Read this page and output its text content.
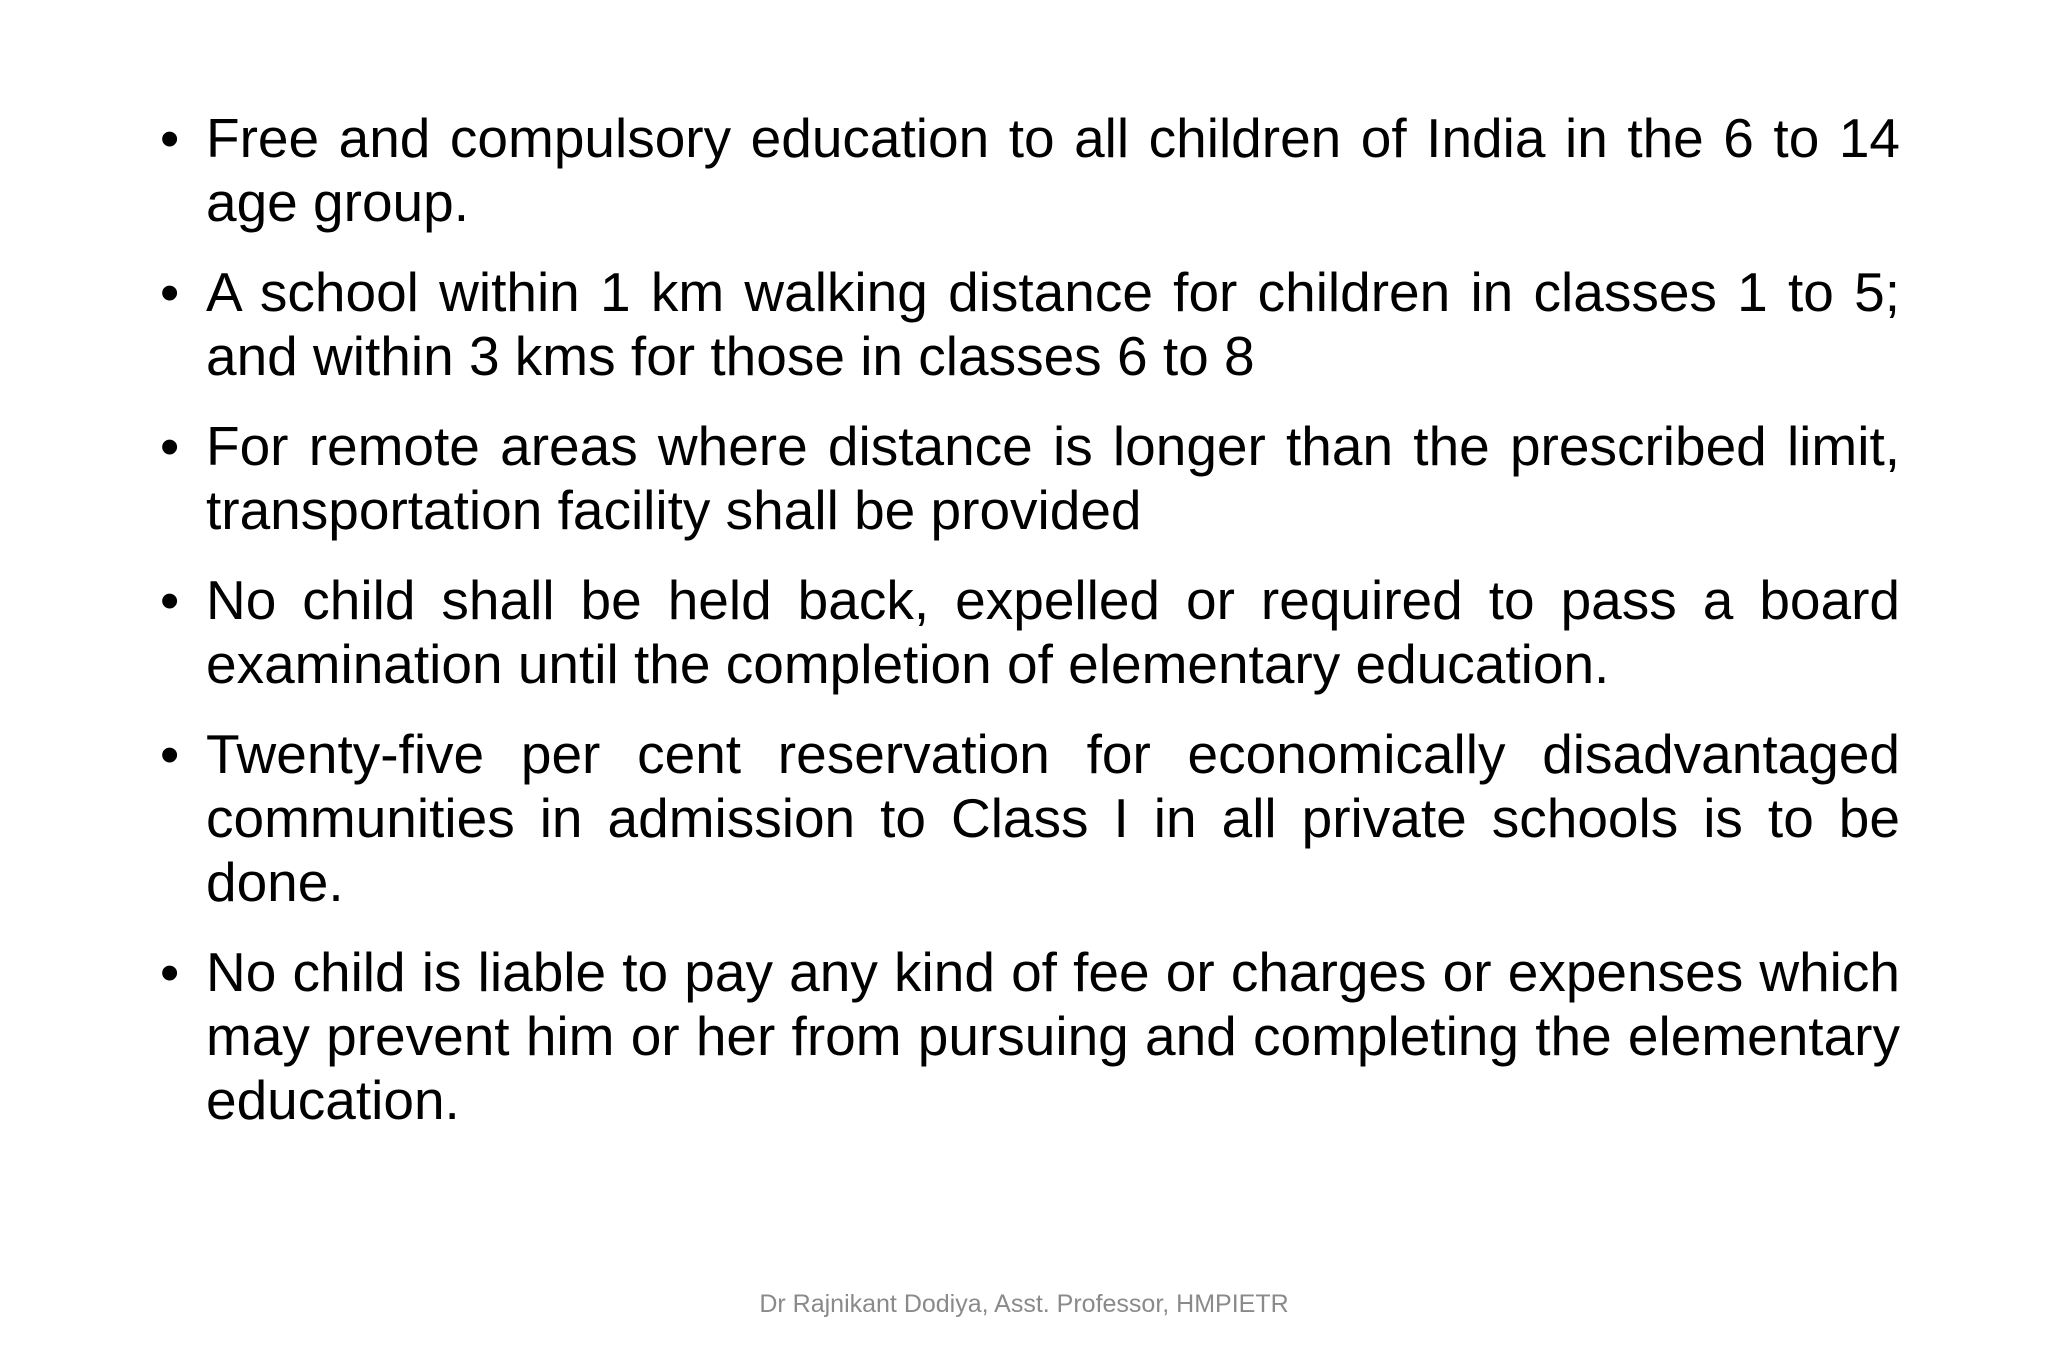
• Free and compulsory education to all children of India in the 6 to 14 age group.
• A school within 1 km walking distance for children in classes 1 to 5; and within 3 kms for those in classes 6 to 8
• For remote areas where distance is longer than the prescribed limit, transportation facility shall be provided
• No child shall be held back, expelled or required to pass a board examination until the completion of elementary education.
• Twenty-five per cent reservation for economically disadvantaged communities in admission to Class I in all private schools is to be done.
• No child is liable to pay any kind of fee or charges or expenses which may prevent him or her from pursuing and completing the elementary education.
Dr Rajnikant Dodiya, Asst. Professor, HMPIETR
